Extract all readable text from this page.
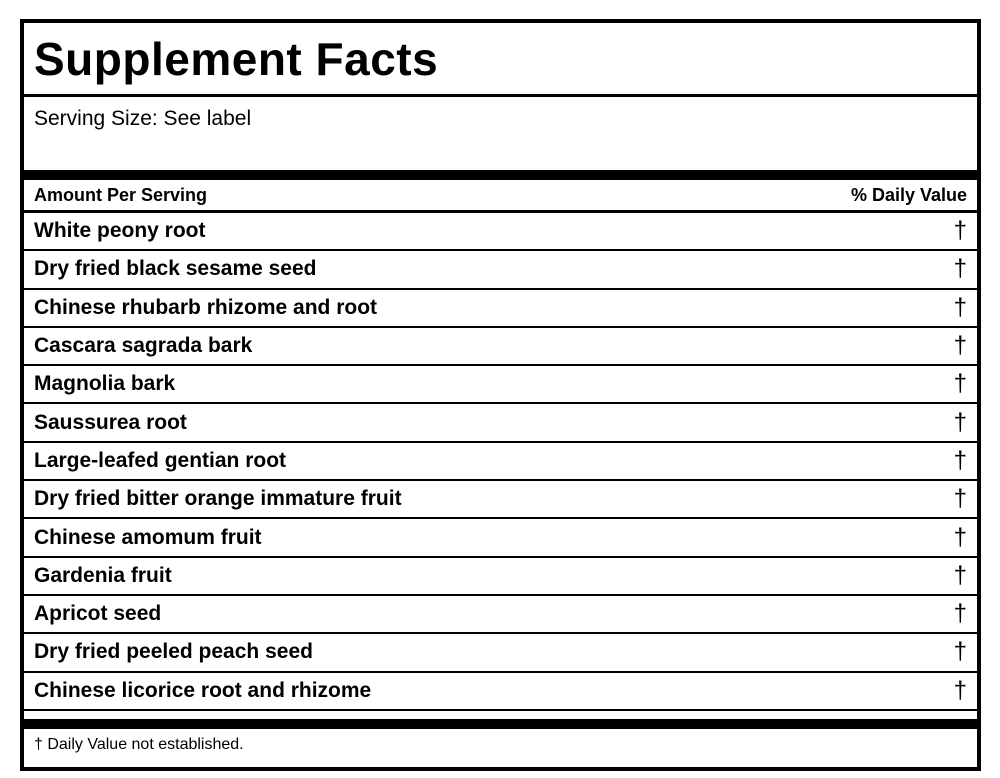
Supplement Facts
Serving Size: See label
Amount Per Serving	% Daily Value
White peony root	†
Dry fried black sesame seed	†
Chinese rhubarb rhizome and root	†
Cascara sagrada bark	†
Magnolia bark	†
Saussurea root	†
Large-leafed gentian root	†
Dry fried bitter orange immature fruit	†
Chinese amomum fruit	†
Gardenia fruit	†
Apricot seed	†
Dry fried peeled peach seed	†
Chinese licorice root and rhizome	†
† Daily Value not established.
